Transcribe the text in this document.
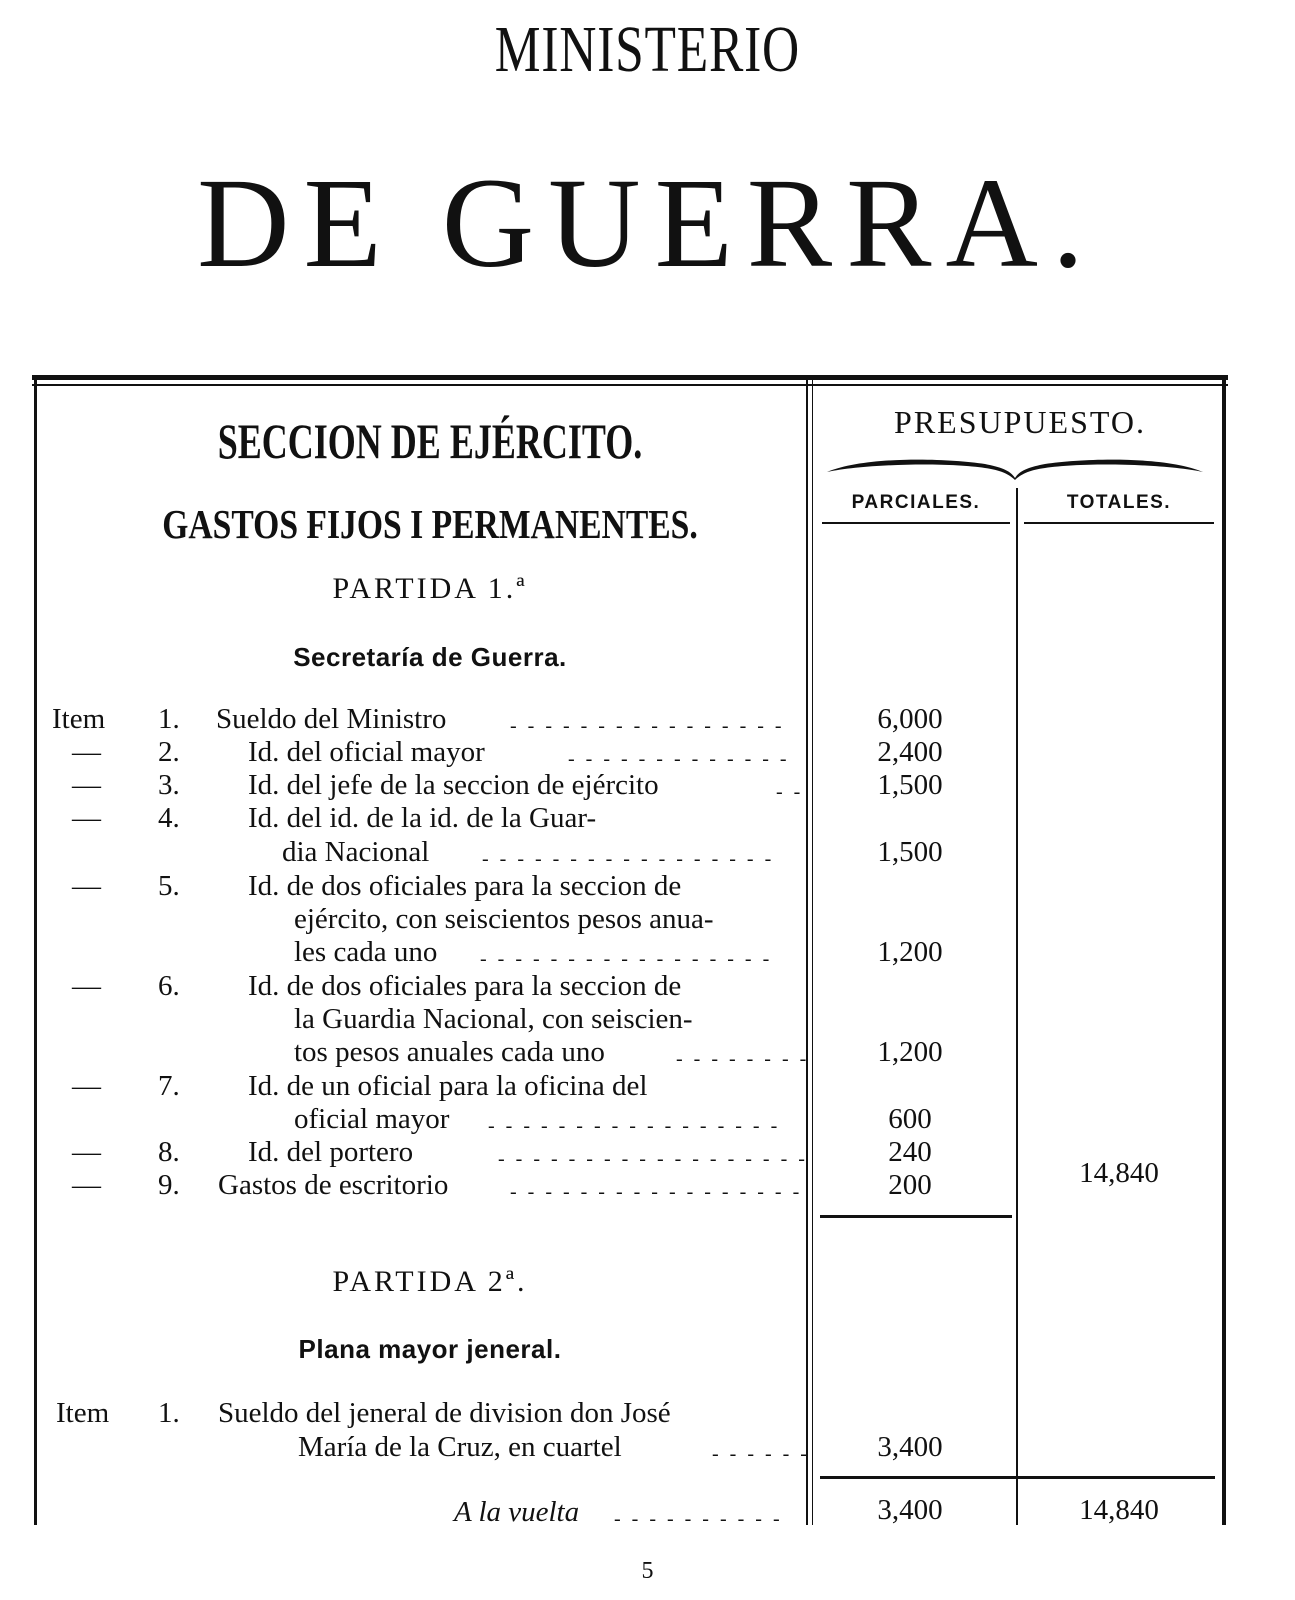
MINISTERIO
DE GUERRA.
SECCION DE EJÉRCITO.
GASTOS FIJOS I PERMANENTES.
PRESUPUESTO.
PARCIALES.	TOTALES.
PARTIDA 1.ª
Secretaría de Guerra.
Item 1. Sueldo del Ministro	- - - - - - - - - - - - - - - -	6,000
— 2. Id. del oficial mayor	- - - - - - - - - - - - -	2,400
— 3. Id. del jefe de la seccion de ejército	- -	1,500
— 4. Id. del id. de la id. de la Guar-
dia Nacional	- - - - - - - - - - - - - - - - -	1,500
— 5. Id. de dos oficiales para la seccion de
ejército, con seiscientos pesos anua-
les cada uno - - - - - - - - - - - - - - - - -	1,200
— 6. Id. de dos oficiales para la seccion de
la Guardia Nacional, con seiscien-
tos pesos anuales cada uno	- - - - - - - -	1,200
— 7. Id. de un oficial para la oficina del
oficial mayor - - - - - - - - - - - - - - - - -	600
— 8. Id. del portero	- - - - - - - - - - - - - - - - - -	240
— 9. Gastos de escritorio	- - - - - - - - - - - - - - - - -	200	14,840
PARTIDA 2ª.
Plana mayor jeneral.
Item 1. Sueldo del jeneral de division don José
María de la Cruz, en cuartel	- - - - - -	3,400
A la vuelta - - - - - - - - - -	3,400	14,840
5
